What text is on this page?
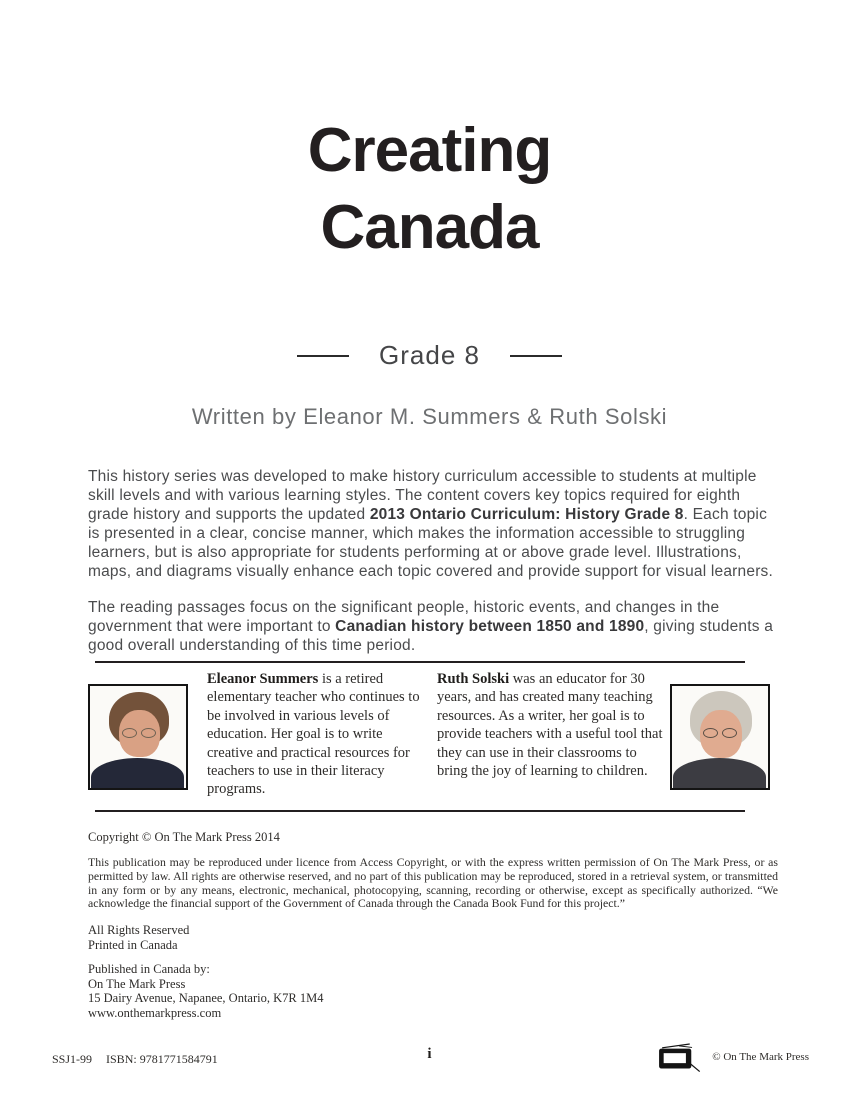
Creating
Canada
Grade 8
Written by Eleanor M. Summers & Ruth Solski

This history series was developed to make history curriculum accessible to students at multiple skill levels and with various learning styles. The content covers key topics required for eighth grade history and supports the updated 2013 Ontario Curriculum: History Grade 8. Each topic is presented in a clear, concise manner, which makes the information accessible to struggling learners, but is also appropriate for students performing at or above grade level. Illustrations, maps, and diagrams visually enhance each topic covered and provide support for visual learners.

The reading passages focus on the significant people, historic events, and changes in the government that were important to Canadian history between 1850 and 1890, giving students a good overall understanding of this time period.

Eleanor Summers is a retired elementary teacher who continues to be involved in various levels of education. Her goal is to write creative and practical resources for teachers to use in their literacy programs.
Ruth Solski was an educator for 30 years, and has created many teaching resources. As a writer, her goal is to provide teachers with a useful tool that they can use in their classrooms to bring the joy of learning to children.
Copyright © On The Mark Press 2014
This publication may be reproduced under licence from Access Copyright, or with the express written permission of On The Mark Press, or as permitted by law. All rights are otherwise reserved, and no part of this publication may be reproduced, stored in a retrieval system, or transmitted in any form or by any means, electronic, mechanical, photocopying, scanning, recording or otherwise, except as specifically authorized. “We acknowledge the financial support of the Government of Canada through the Canada Book Fund for this project.”
All Rights Reserved
Printed in Canada
Published in Canada by:
On The Mark Press
15 Dairy Avenue, Napanee, Ontario, K7R 1M4
www.onthemarkpress.com
SSJ1-99 ISBN: 9781771584791	i	© On The Mark Press
